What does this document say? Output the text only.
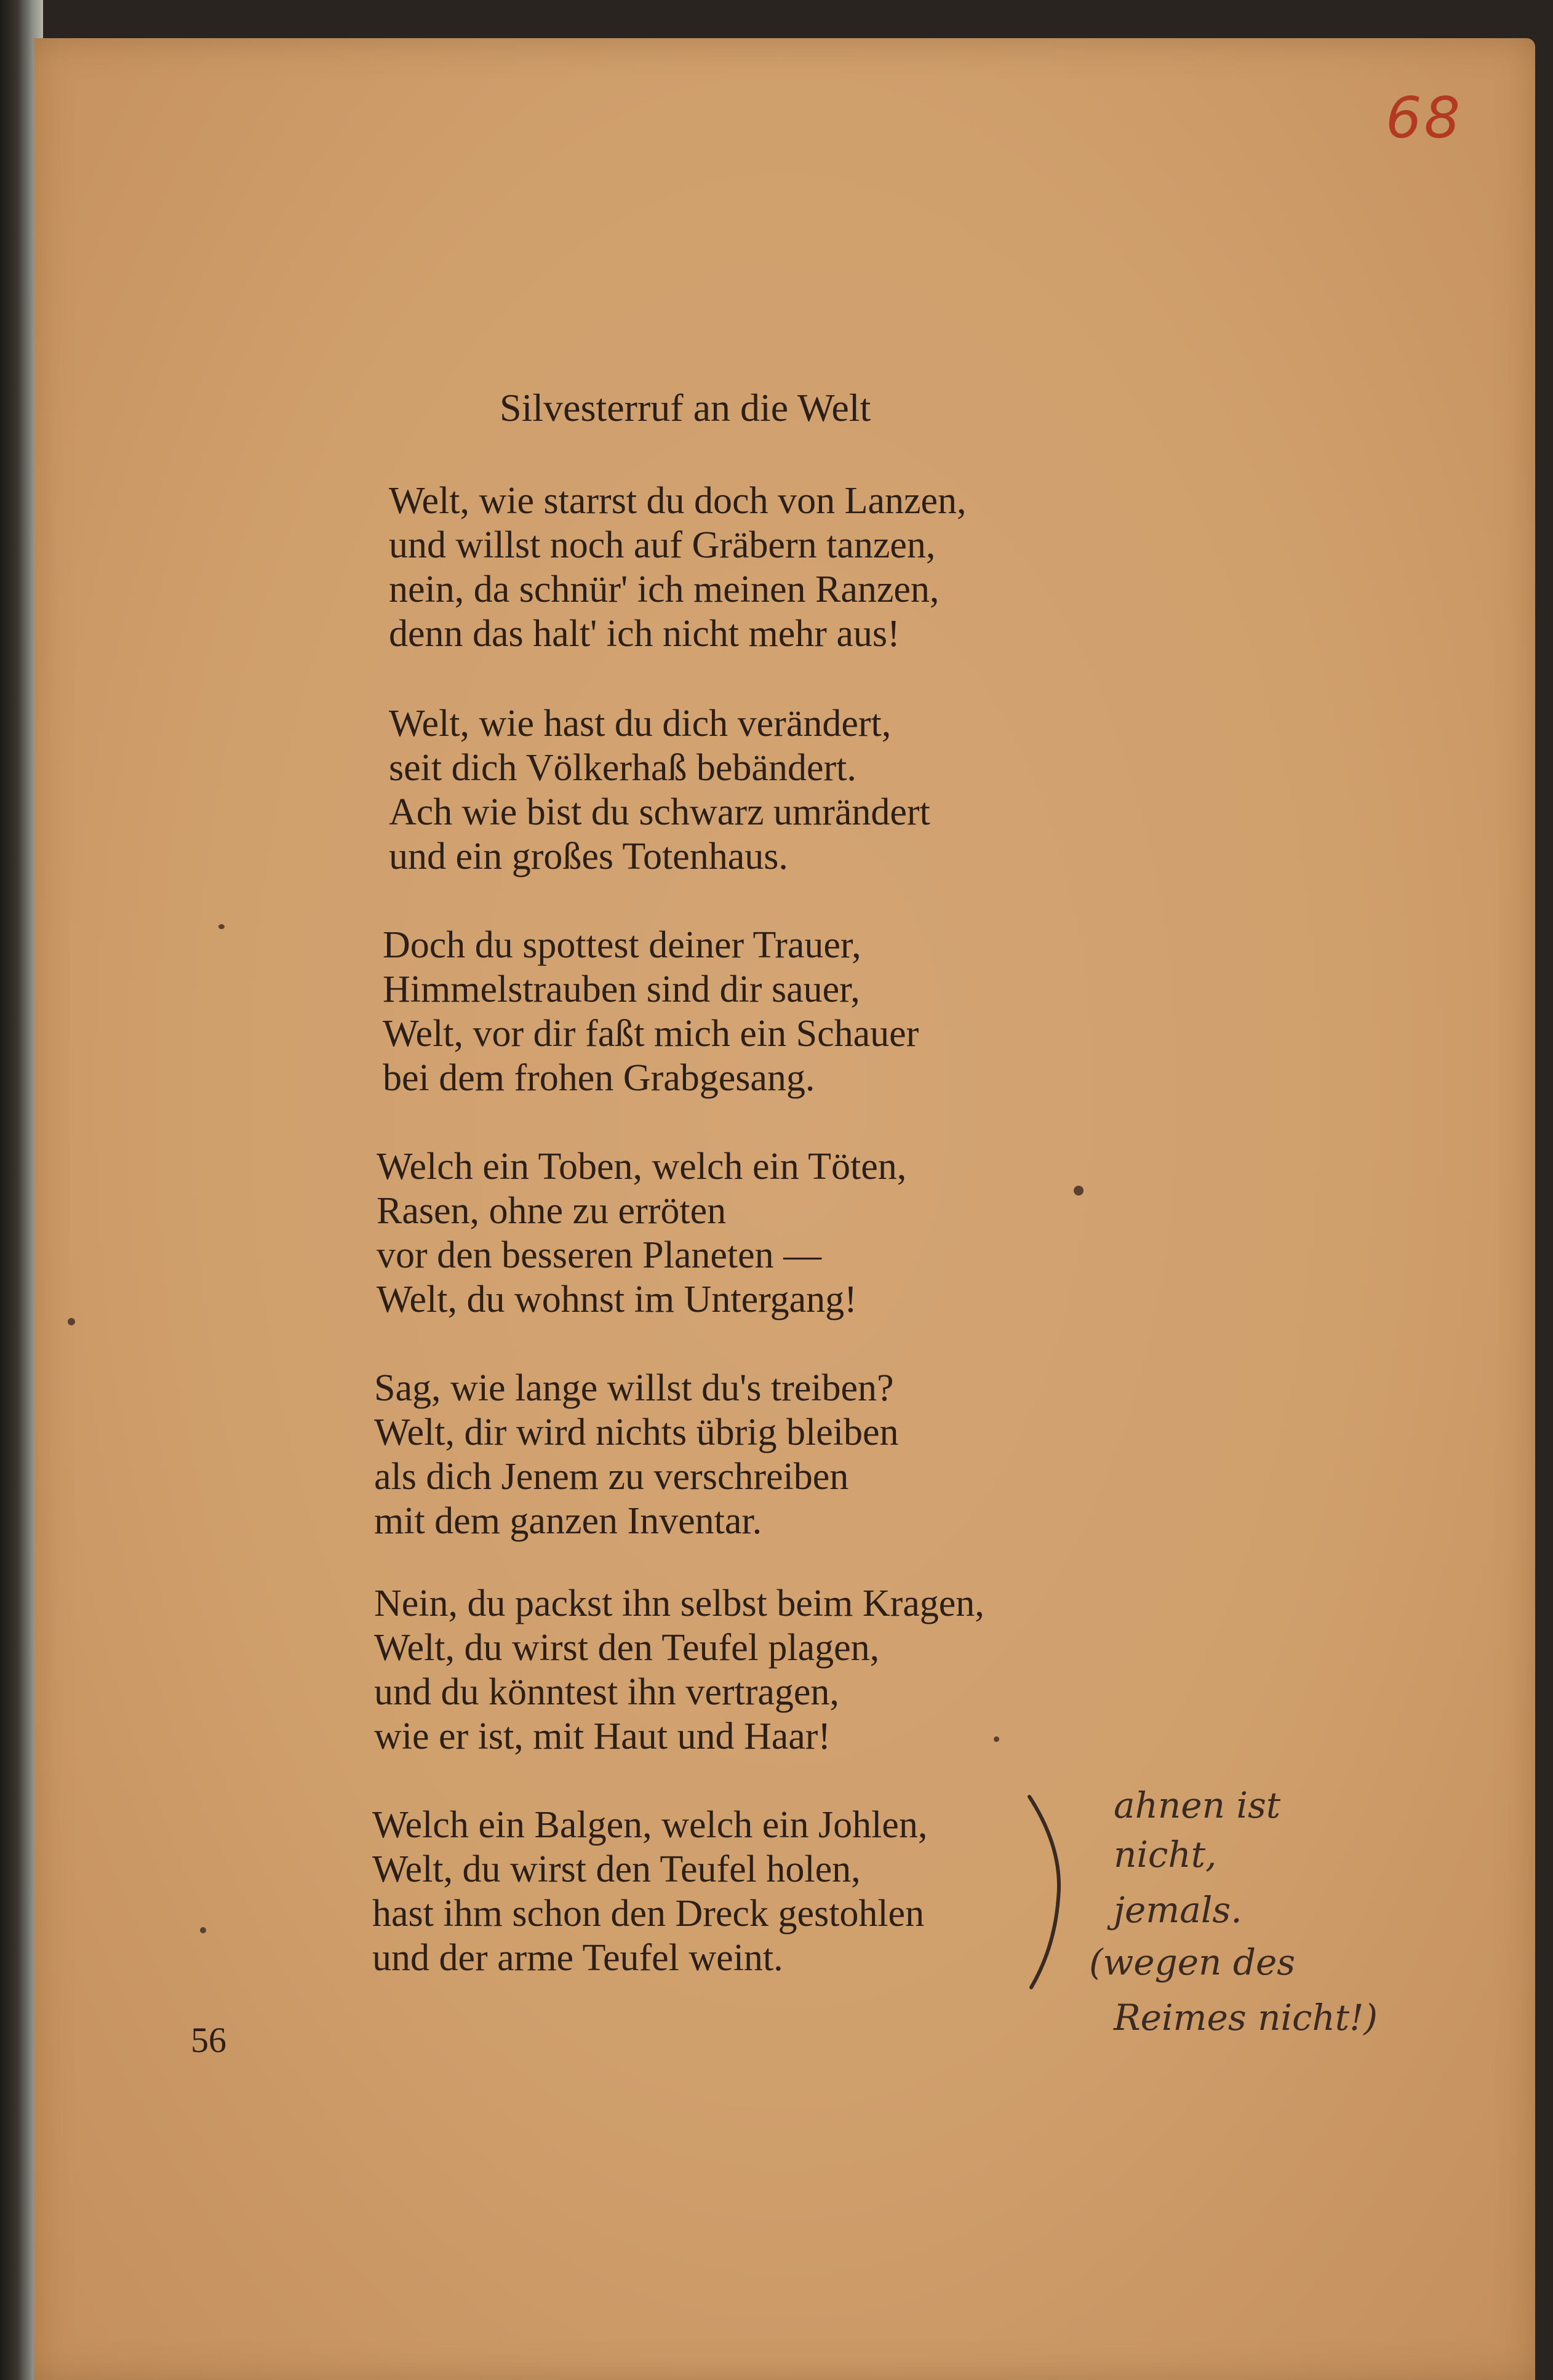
68
Silvesterruf an die Welt
Welt, wie starrst du doch von Lanzen,
und willst noch auf Gräbern tanzen,
nein, da schnür' ich meinen Ranzen,
denn das halt' ich nicht mehr aus!
Welt, wie hast du dich verändert,
seit dich Völkerhaß bebändert.
Ach wie bist du schwarz umrändert
und ein großes Totenhaus.
Doch du spottest deiner Trauer,
Himmelstrauben sind dir sauer,
Welt, vor dir faßt mich ein Schauer
bei dem frohen Grabgesang.
Welch ein Toben, welch ein Töten,
Rasen, ohne zu erröten
vor den besseren Planeten —
Welt, du wohnst im Untergang!
Sag, wie lange willst du's treiben?
Welt, dir wird nichts übrig bleiben
als dich Jenem zu verschreiben
mit dem ganzen Inventar.
Nein, du packst ihn selbst beim Kragen,
Welt, du wirst den Teufel plagen,
und du könntest ihn vertragen,
wie er ist, mit Haut und Haar!
Welch ein Balgen, welch ein Johlen,
Welt, du wirst den Teufel holen,
hast ihm schon den Dreck gestohlen
und der arme Teufel weint.
ahnen ist
nicht,
jemals.
(wegen des
Reimes nicht!)
56
